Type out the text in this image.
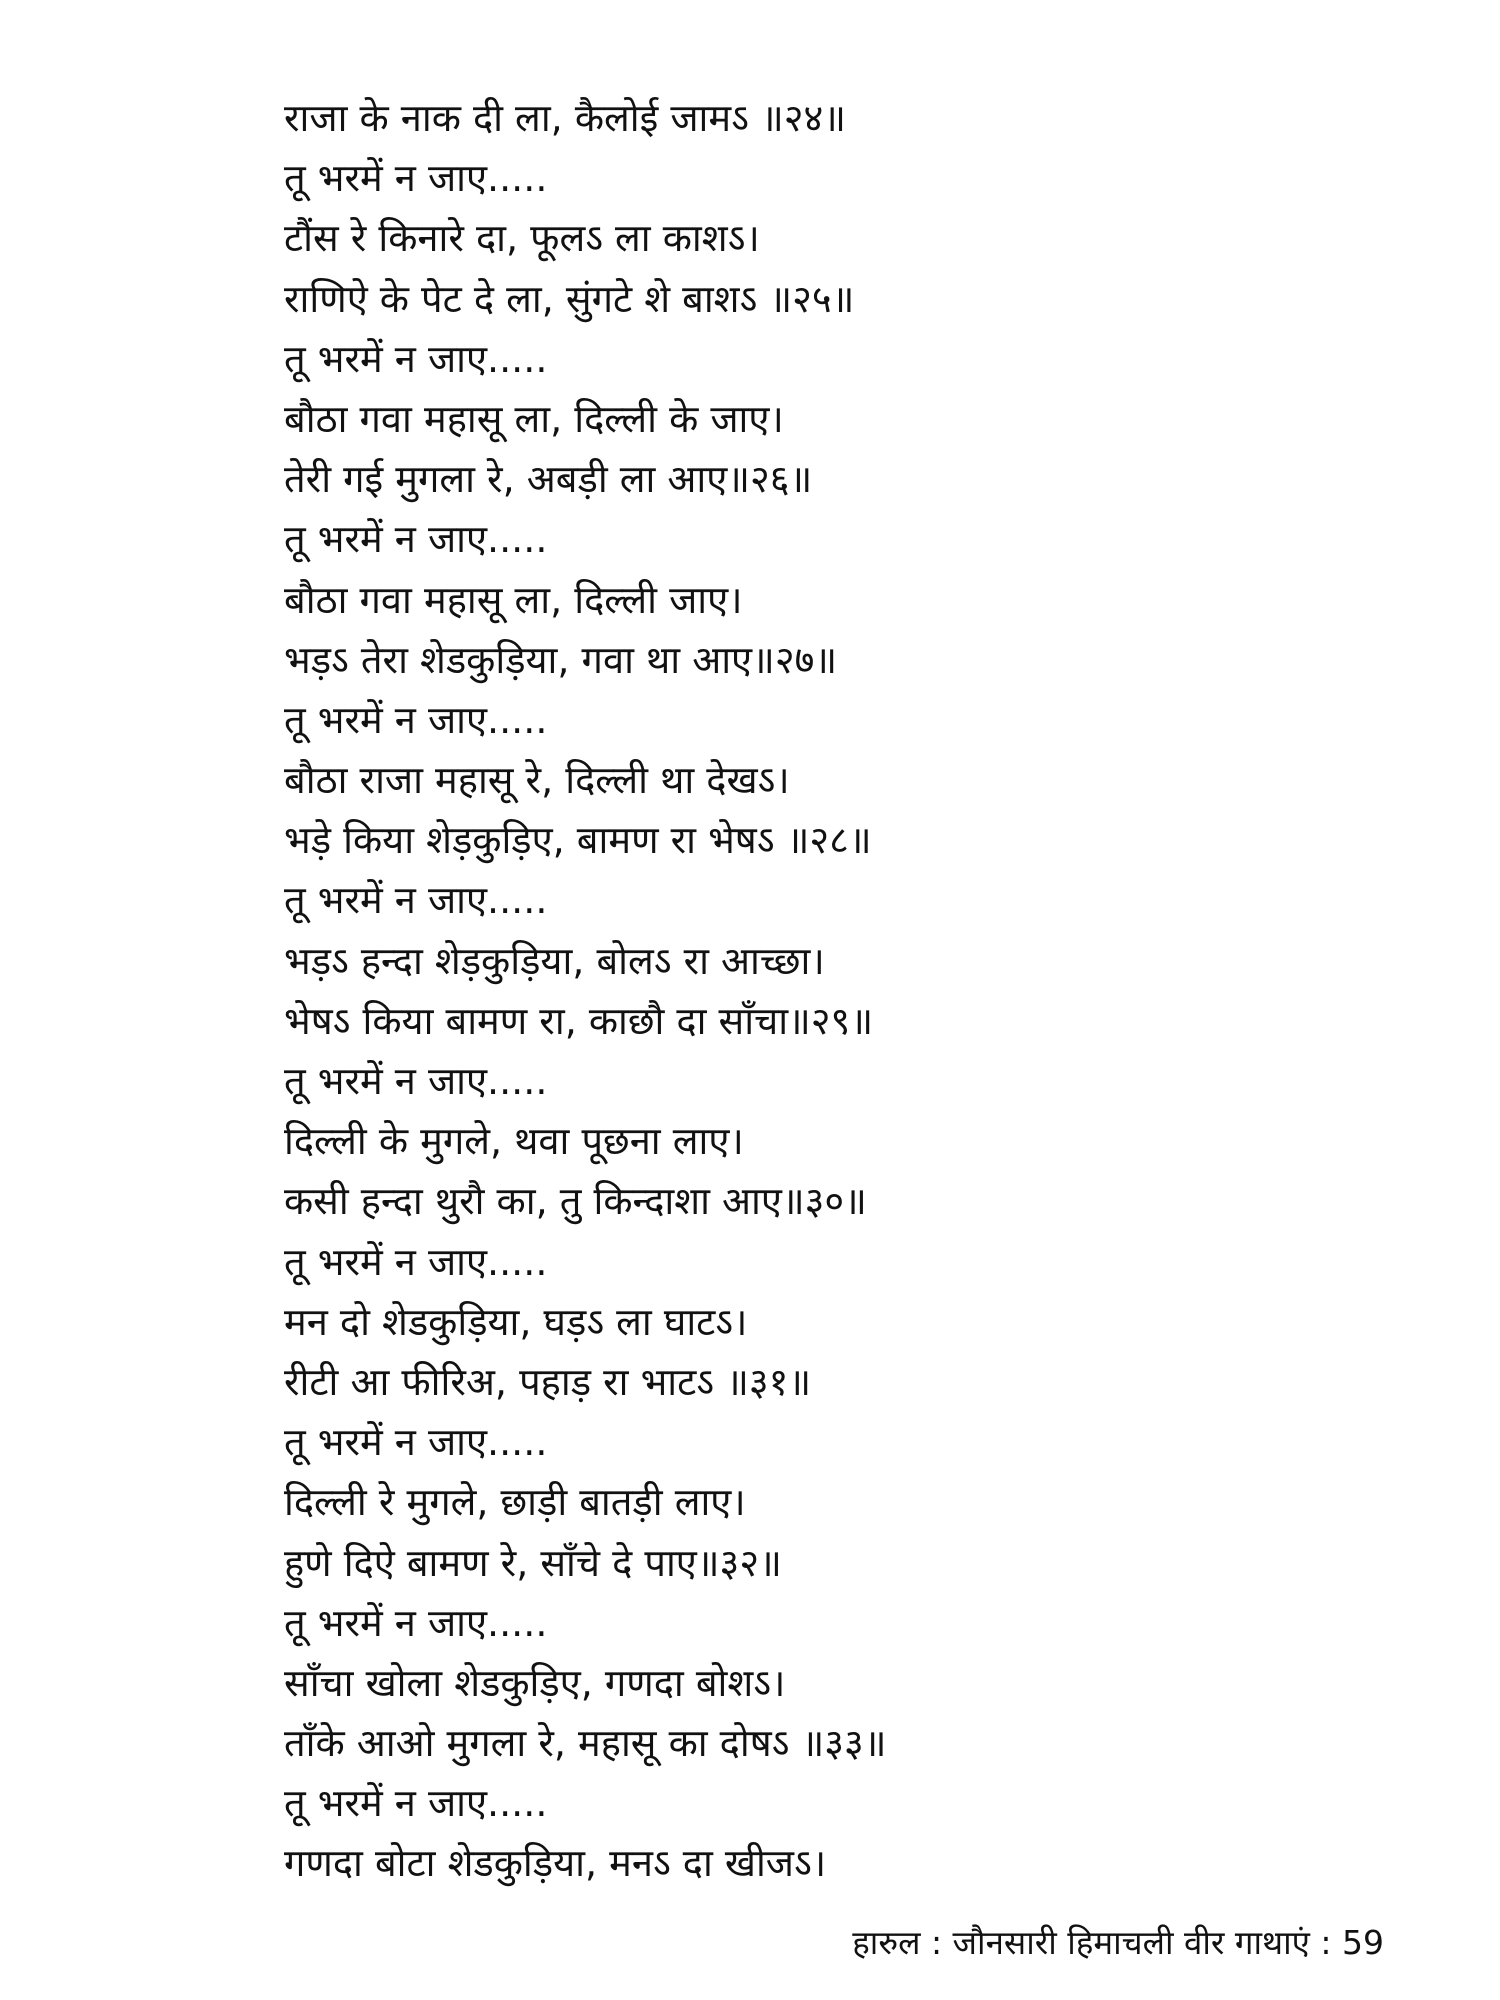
राजा के नाक दी ला, कैलोई जामऽ ॥२४॥
तू भरमें न जाए.....
टौंस रे किनारे दा, फूलऽ ला काशऽ।
राणिऐ के पेट दे ला, सुंगटे शे बाशऽ ॥२५॥
तू भरमें न जाए.....
बौठा गवा महासू ला, दिल्ली के जाए।
तेरी गई मुगला रे, अबड़ी ला आए॥२६॥
तू भरमें न जाए.....
बौठा गवा महासू ला, दिल्ली जाए।
भड़ऽ तेरा शेडकुड़िया, गवा था आए॥२७॥
तू भरमें न जाए.....
बौठा राजा महासू रे, दिल्ली था देखऽ।
भड़े किया शेड़कुड़िए, बामण रा भेषऽ ॥२८॥
तू भरमें न जाए.....
भड़ऽ हन्दा शेड़कुड़िया, बोलऽ रा आच्छा।
भेषऽ किया बामण रा, काछौ दा साँचा॥२९॥
तू भरमें न जाए.....
दिल्ली के मुगले, थवा पूछना लाए।
कसी हन्दा थुरौ का, तु किन्दाशा आए॥३०॥
तू भरमें न जाए.....
मन दो शेडकुड़िया, घड़ऽ ला घाटऽ।
रीटी आ फीरिअ, पहाड़ रा भाटऽ ॥३१॥
तू भरमें न जाए.....
दिल्ली रे मुगले, छाड़ी बातड़ी लाए।
हुणे दिऐ बामण रे, साँचे दे पाए॥३२॥
तू भरमें न जाए.....
साँचा खोला शेडकुड़िए, गणदा बोशऽ।
ताँके आओ मुगला रे, महासू का दोषऽ ॥३३॥
तू भरमें न जाए.....
गणदा बोटा शेडकुड़िया, मनऽ दा खीजऽ।
हारुल : जौनसारी हिमाचली वीर गाथाएं : 59
